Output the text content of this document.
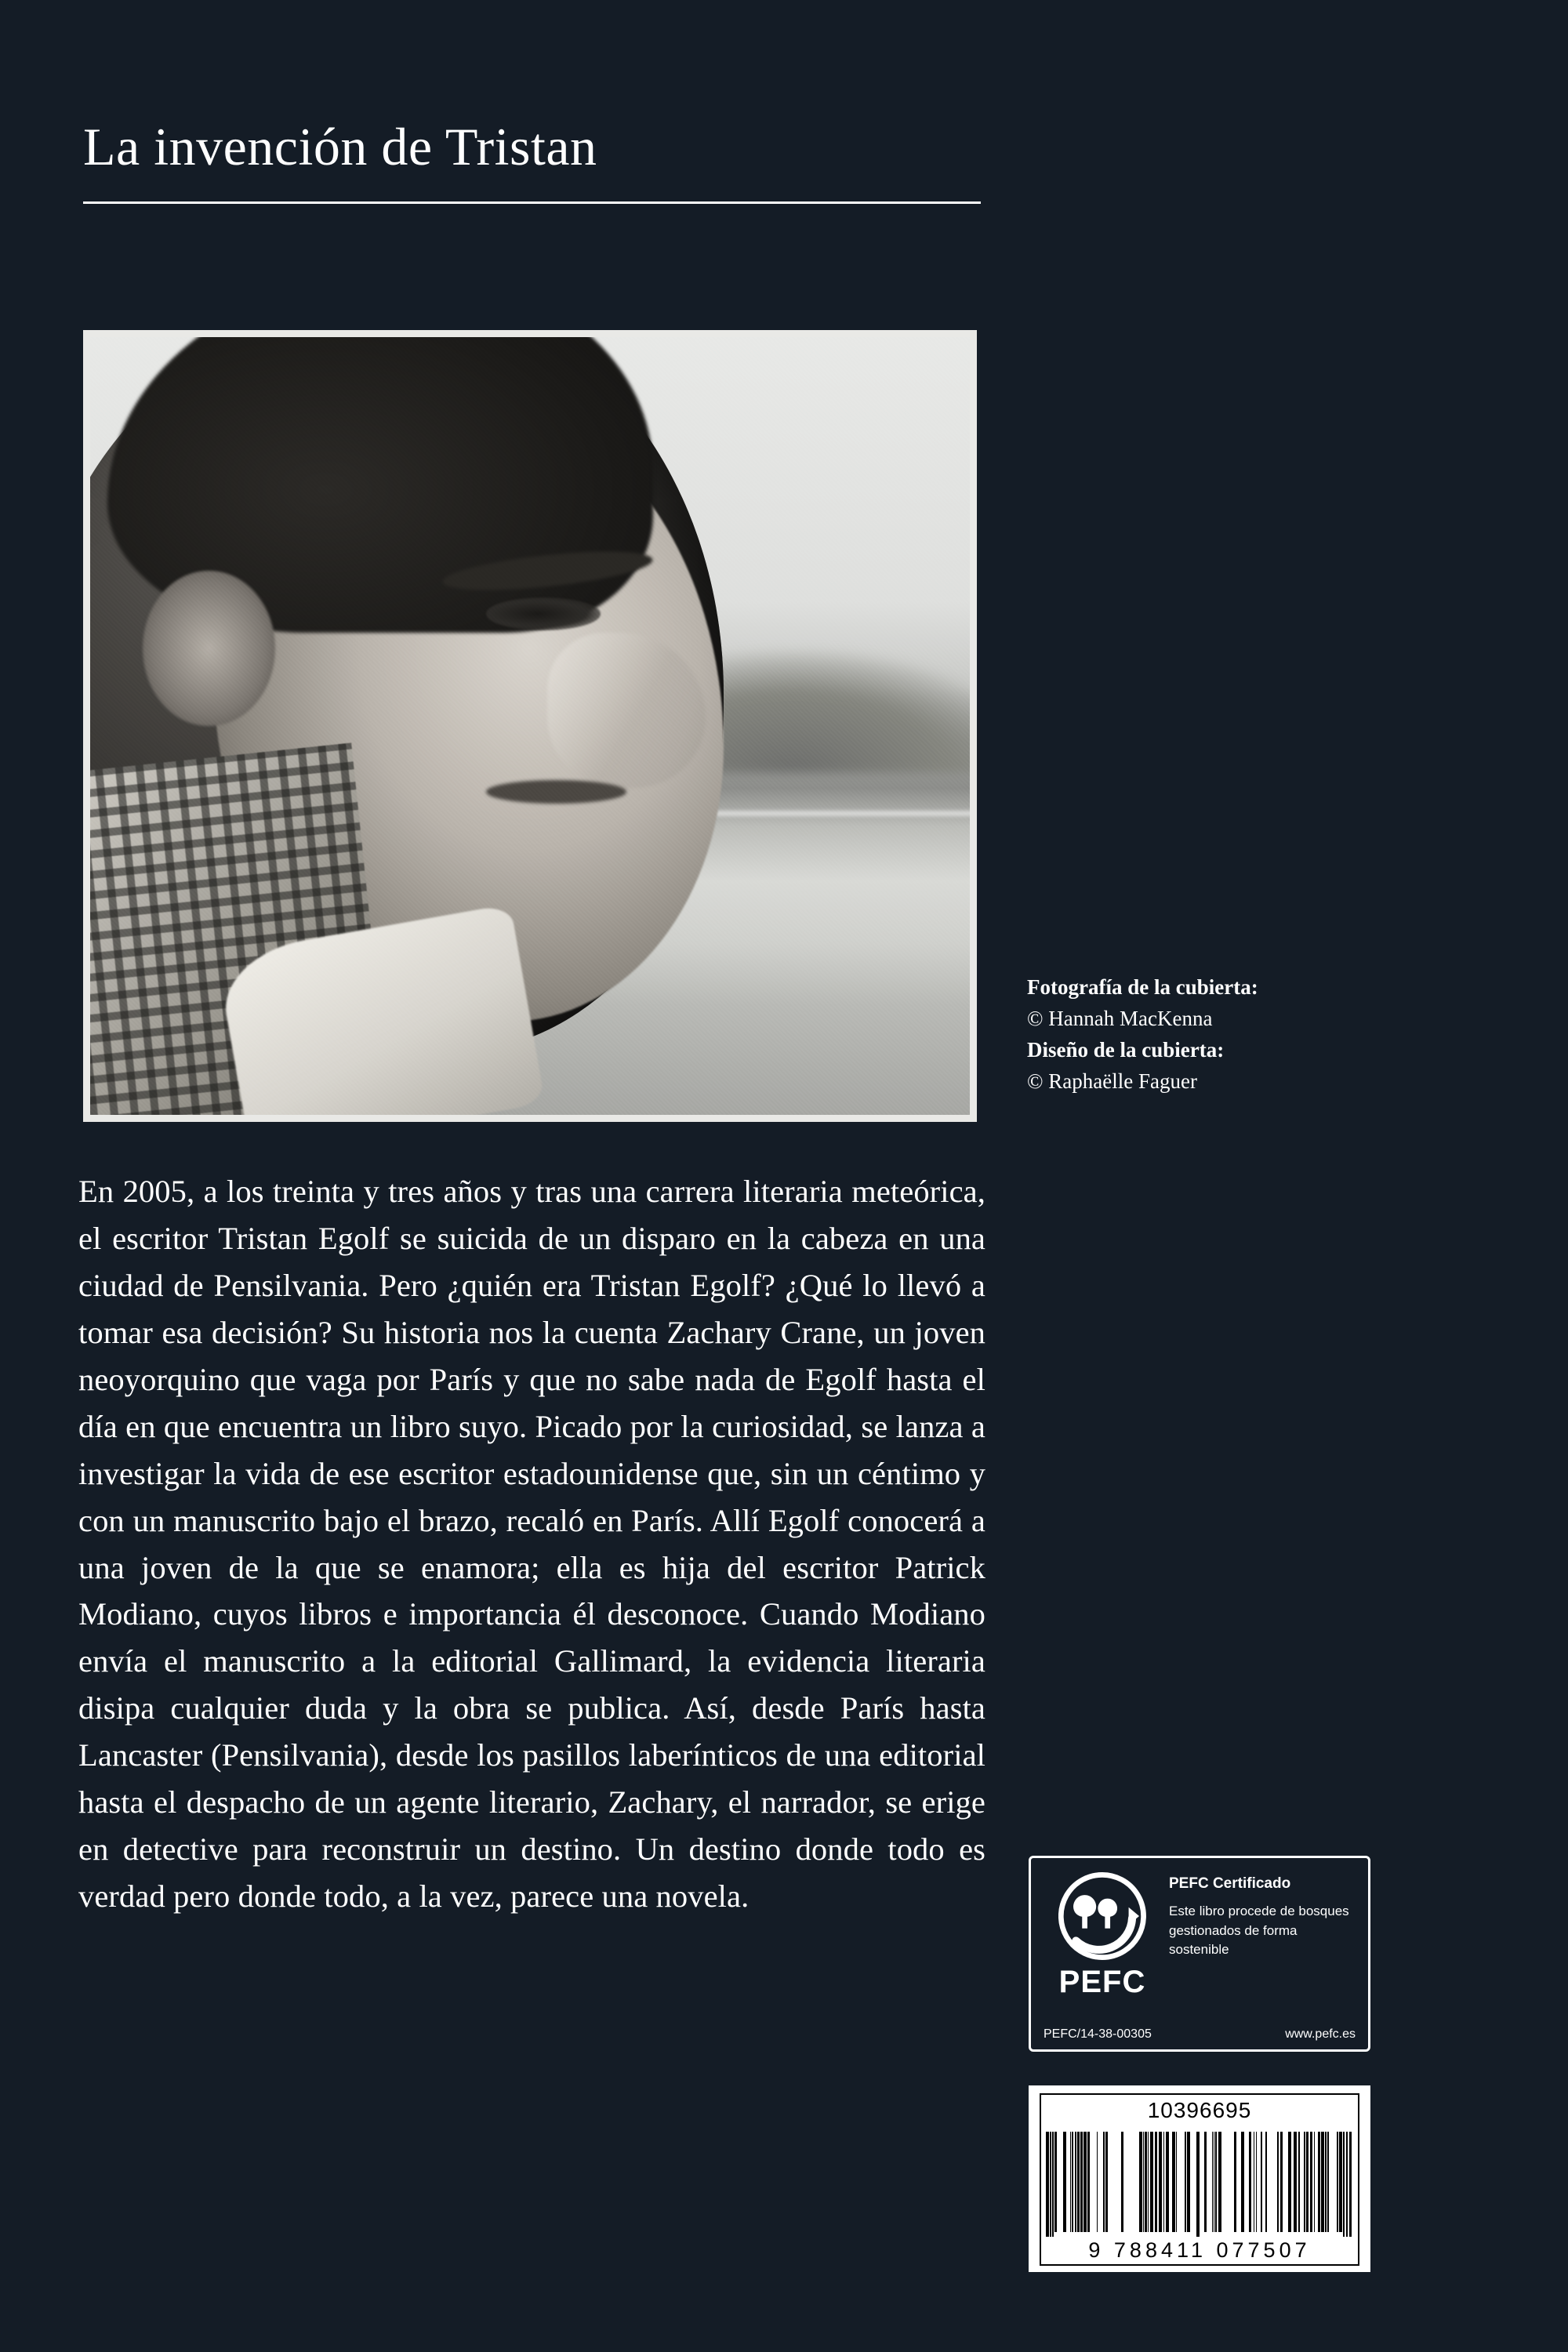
La invención de Tristan
Fotografía de la cubierta:
© Hannah MacKenna
Diseño de la cubierta:
© Raphaëlle Faguer
En 2005, a los treinta y tres años y tras una carrera literaria meteórica, el escritor Tristan Egolf se suicida de un disparo en la cabeza en una ciudad de Pensilvania. Pero ¿quién era Tristan Egolf? ¿Qué lo llevó a tomar esa decisión? Su historia nos la cuenta Zachary Crane, un joven neoyorquino que vaga por París y que no sabe nada de Egolf hasta el día en que encuentra un libro suyo. Picado por la curiosidad, se lanza a investigar la vida de ese escritor estadounidense que, sin un céntimo y con un manuscrito bajo el brazo, recaló en París. Allí Egolf conocerá a una joven de la que se enamora; ella es hija del escritor Patrick Modiano, cuyos libros e importancia él desconoce. Cuando Modiano envía el manuscrito a la editorial Gallimard, la evidencia literaria disipa cualquier duda y la obra se publica. Así, desde París hasta Lancaster (Pensilvania), desde los pasillos laberínticos de una editorial hasta el despacho de un agente literario, Zachary, el narrador, se erige en detective para reconstruir un destino. Un destino donde todo es verdad pero donde todo, a la vez, parece una novela.
PEFC
PEFC Certificado
Este libro procede de bosques gestionados de forma sostenible
PEFC/14-38-00305	www.pefc.es
10396695
9 788411 077507
